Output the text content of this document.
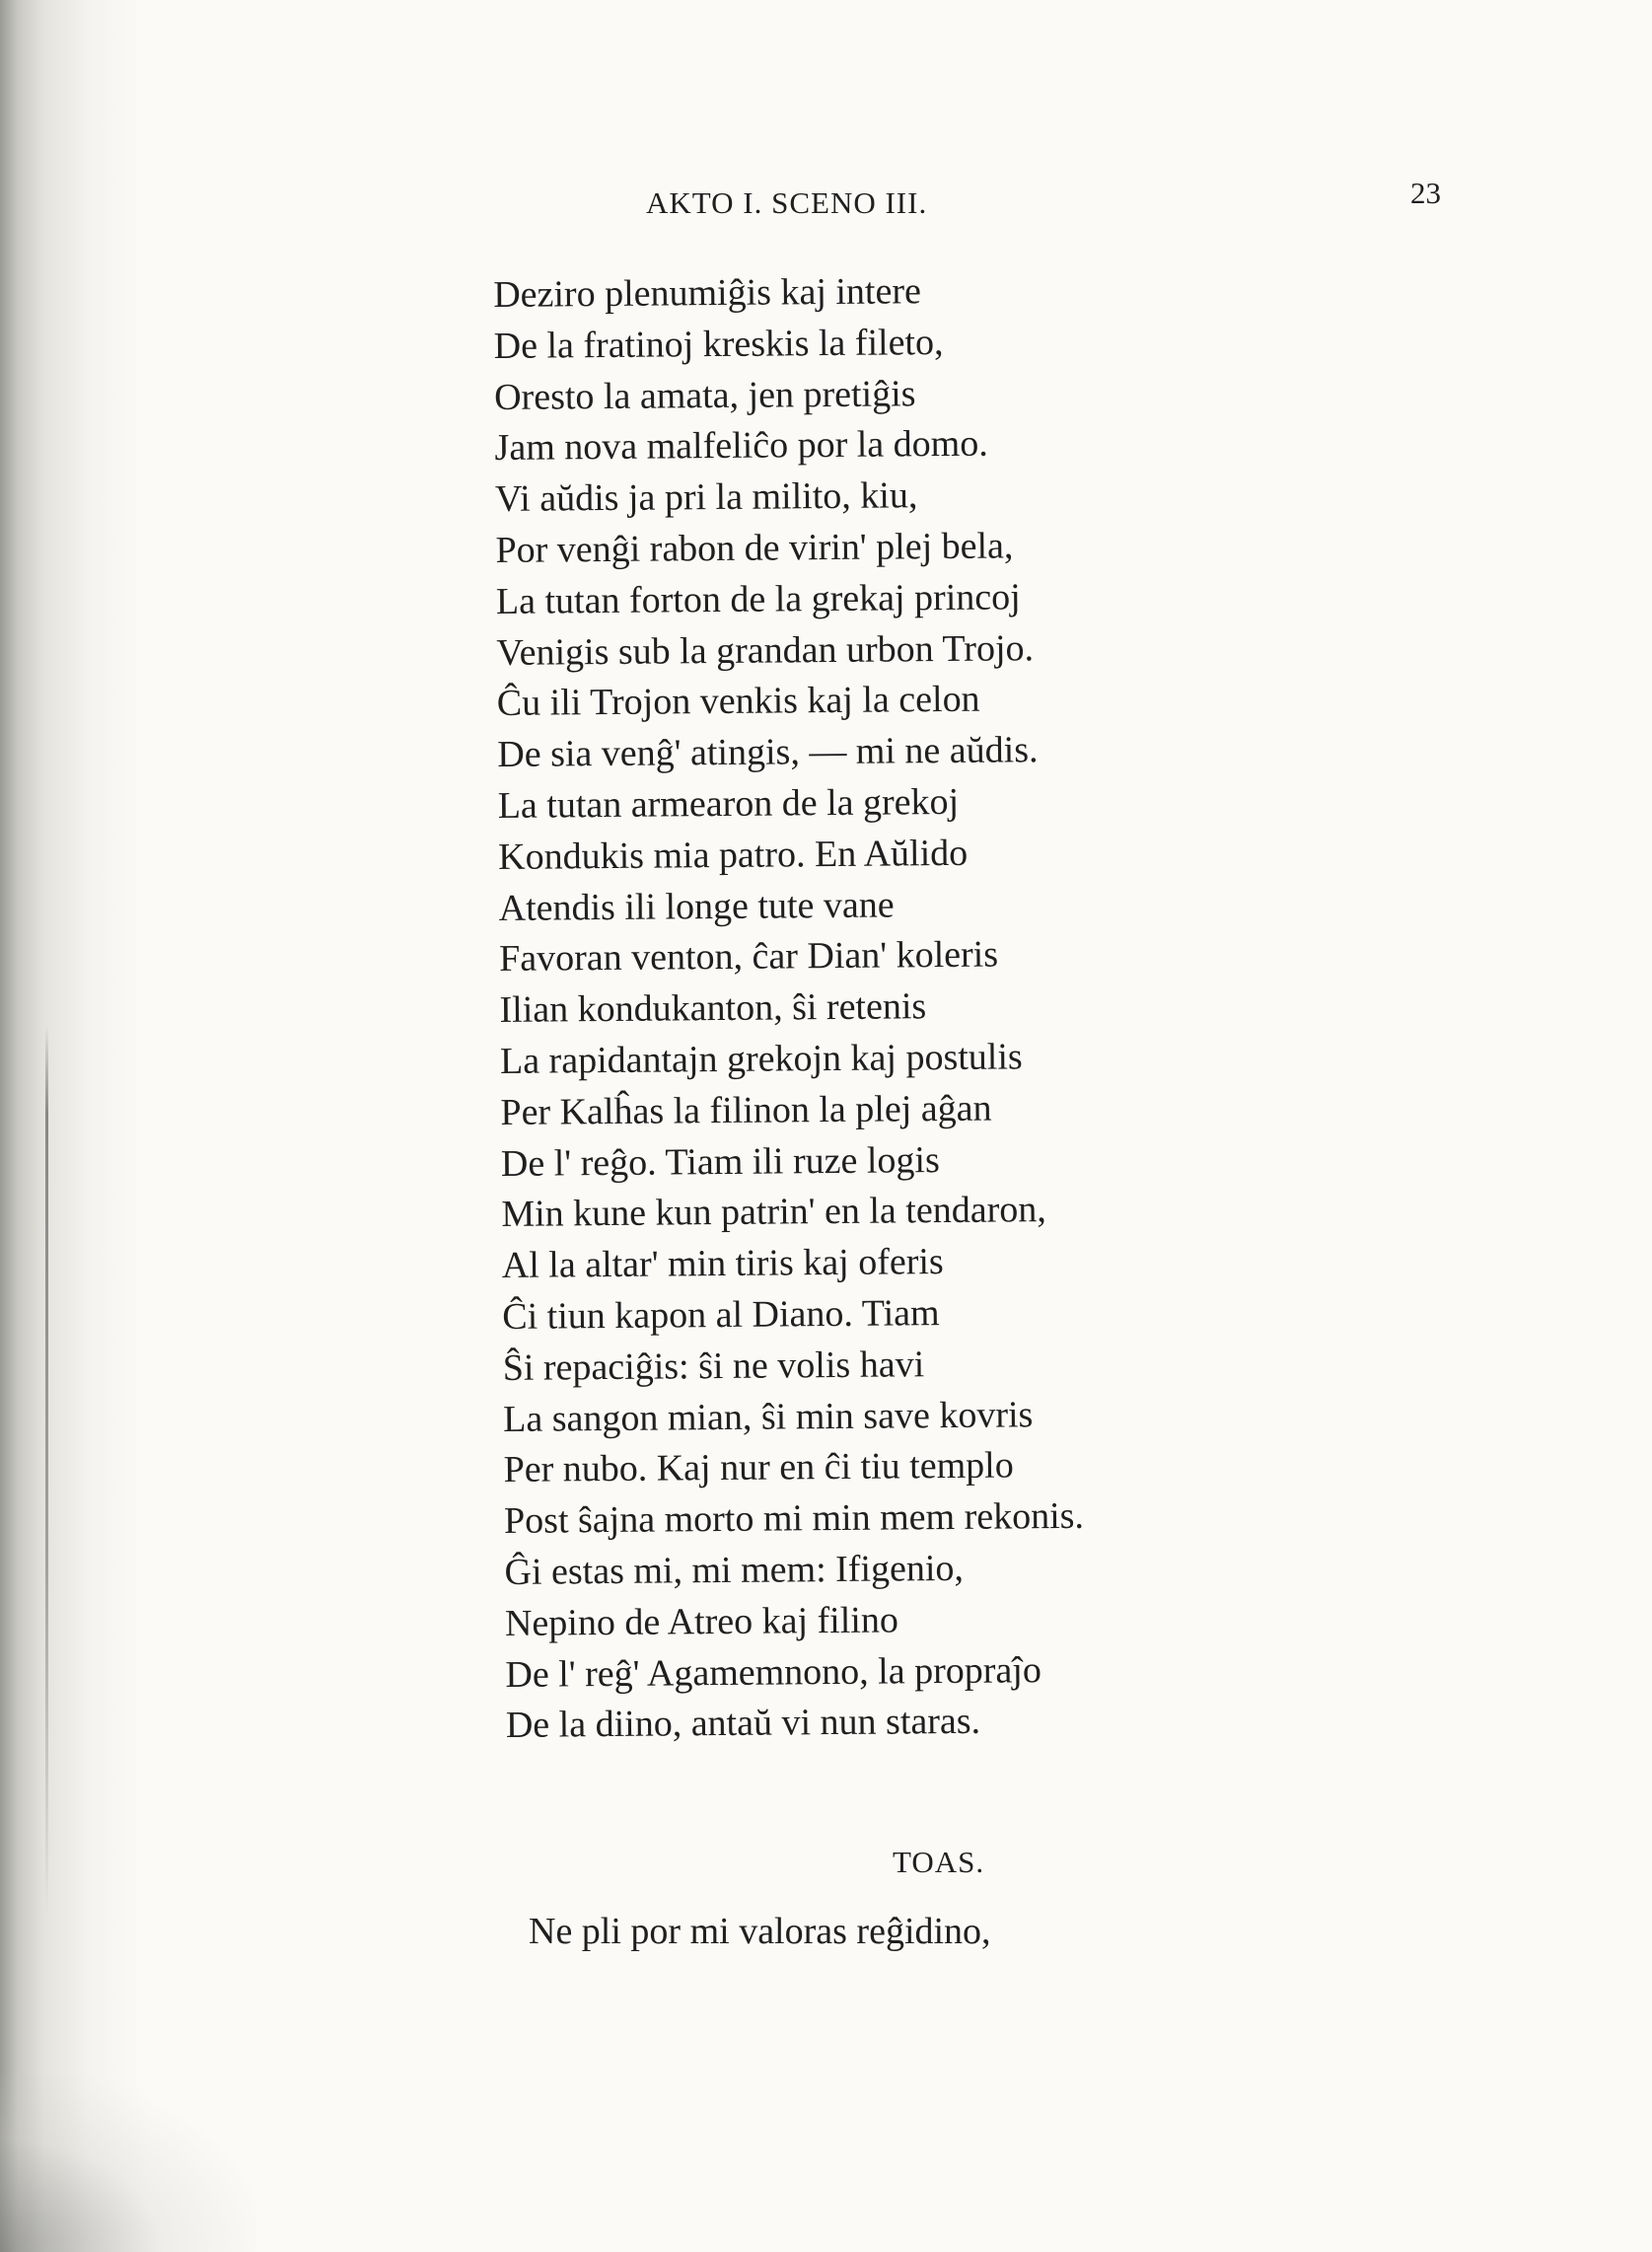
AKTO I. SCENO III.	23
Deziro plenumiĝis kaj intere
De la fratinoj kreskis la fileto,
Oresto la amata, jen pretiĝis
Jam nova malfeliĉo por la domo.
Vi aŭdis ja pri la milito, kiu,
Por venĝi rabon de virin' plej bela,
La tutan forton de la grekaj princoj
Venigis sub la grandan urbon Trojo.
Ĉu ili Trojon venkis kaj la celon
De sia venĝ' atingis, — mi ne aŭdis.
La tutan armearon de la grekoj
Kondukis mia patro. En Aŭlido
Atendis ili longe tute vane
Favoran venton, ĉar Dian' koleris
Ilian kondukanton, ŝi retenis
La rapidantajn grekojn kaj postulis
Per Kalĥas la filinon la plej aĝan
De l' reĝo. Tiam ili ruze logis
Min kune kun patrin' en la tendaron,
Al la altar' min tiris kaj oferis
Ĉi tiun kapon al Diano. Tiam
Ŝi repaciĝis: ŝi ne volis havi
La sangon mian, ŝi min save kovris
Per nubo. Kaj nur en ĉi tiu templo
Post ŝajna morto mi min mem rekonis.
Ĝi estas mi, mi mem: Ifigenio,
Nepino de Atreo kaj filino
De l' reĝ' Agamemnono, la propraĵo
De la diino, antaŭ vi nun staras.
TOAS.
Ne pli por mi valoras reĝidino,
